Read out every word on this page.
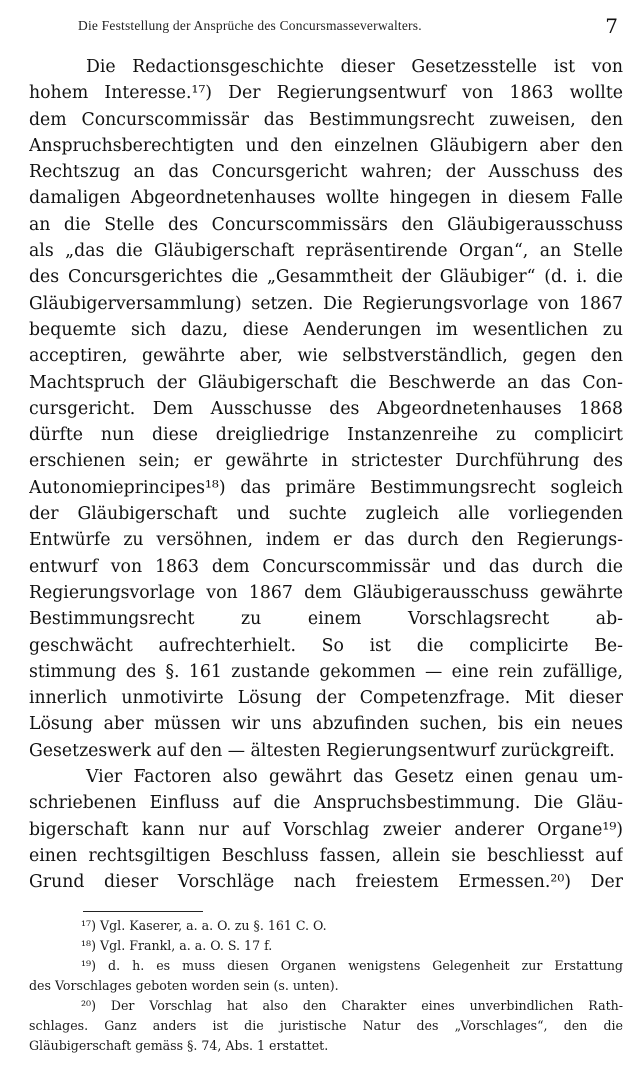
Die Feststellung der Ansprüche des Concursmasseverwalters.	7
Die Redactionsgeschichte dieser Gesetzesstelle ist von
hohem Interesse.¹⁷) Der Regierungsentwurf von 1863 wollte
dem Concurscommissär das Bestimmungsrecht zuweisen, den
Anspruchsberechtigten und den einzelnen Gläubigern aber den
Rechtszug an das Concursgericht wahren; der Ausschuss des
damaligen Abgeordnetenhauses wollte hingegen in diesem Falle
an die Stelle des Concurscommissärs den Gläubigerausschuss
als „das die Gläubigerschaft repräsentirende Organ“, an Stelle
des Concursgerichtes die „Gesammtheit der Gläubiger“ (d. i. die
Gläubigerversammlung) setzen. Die Regierungsvorlage von 1867
bequemte sich dazu, diese Aenderungen im wesentlichen zu
acceptiren, gewährte aber, wie selbstverständlich, gegen den
Machtspruch der Gläubigerschaft die Beschwerde an das Con-
cursgericht. Dem Ausschusse des Abgeordnetenhauses 1868
dürfte nun diese dreigliedrige Instanzenreihe zu complicirt
erschienen sein; er gewährte in strictester Durchführung des
Autonomieprincipes¹⁸) das primäre Bestimmungsrecht sogleich
der Gläubigerschaft und suchte zugleich alle vorliegenden
Entwürfe zu versöhnen, indem er das durch den Regierungs-
entwurf von 1863 dem Concurscommissär und das durch die
Regierungsvorlage von 1867 dem Gläubigerausschuss gewährte
Bestimmungsrecht zu einem Vorschlagsrecht ab-
geschwächt aufrechterhielt. So ist die complicirte Be-
stimmung des §. 161 zustande gekommen — eine rein zufällige,
innerlich unmotivirte Lösung der Competenzfrage. Mit dieser
Lösung aber müssen wir uns abzufinden suchen, bis ein neues
Gesetzeswerk auf den — ältesten Regierungsentwurf zurückgreift.
Vier Factoren also gewährt das Gesetz einen genau um-
schriebenen Einfluss auf die Anspruchsbestimmung. Die Gläu-
bigerschaft kann nur auf Vorschlag zweier anderer Organe¹⁹)
einen rechtsgiltigen Beschluss fassen, allein sie beschliesst auf
Grund dieser Vorschläge nach freiestem Ermessen.²⁰) Der
¹⁷) Vgl. Kaserer, a. a. O. zu §. 161 C. O.
¹⁸) Vgl. Frankl, a. a. O. S. 17 f.
¹⁹) d. h. es muss diesen Organen wenigstens Gelegenheit zur Erstattung
des Vorschlages geboten worden sein (s. unten).
²⁰) Der Vorschlag hat also den Charakter eines unverbindlichen Rath-
schlages. Ganz anders ist die juristische Natur des „Vorschlages“, den die
Gläubigerschaft gemäss §. 74, Abs. 1 erstattet.
